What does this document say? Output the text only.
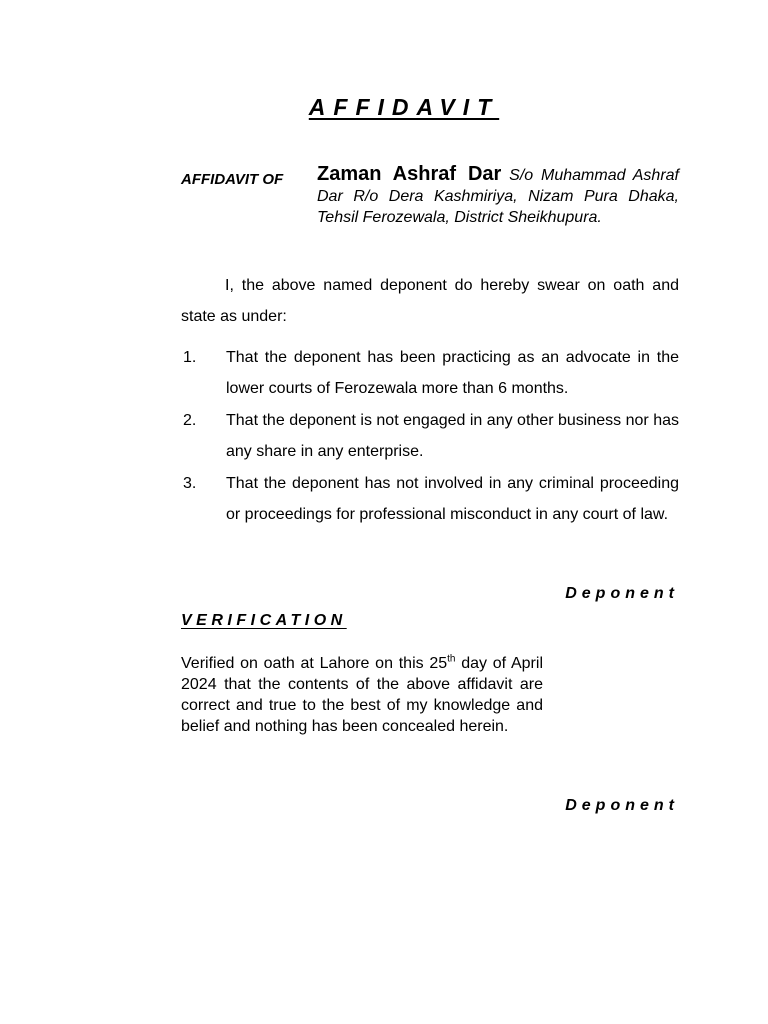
AFFIDAVIT
AFFIDAVIT OF Zaman Ashraf Dar S/o Muhammad Ashraf Dar R/o Dera Kashmiriya, Nizam Pura Dhaka, Tehsil Ferozewala, District Sheikhupura.
I, the above named deponent do hereby swear on oath and state as under:
1. That the deponent has been practicing as an advocate in the lower courts of Ferozewala more than 6 months.
2. That the deponent is not engaged in any other business nor has any share in any enterprise.
3. That the deponent has not involved in any criminal proceeding or proceedings for professional misconduct in any court of law.
Deponent
VERIFICATION
Verified on oath at Lahore on this 25th day of April 2024 that the contents of the above affidavit are correct and true to the best of my knowledge and belief and nothing has been concealed herein.
Deponent
